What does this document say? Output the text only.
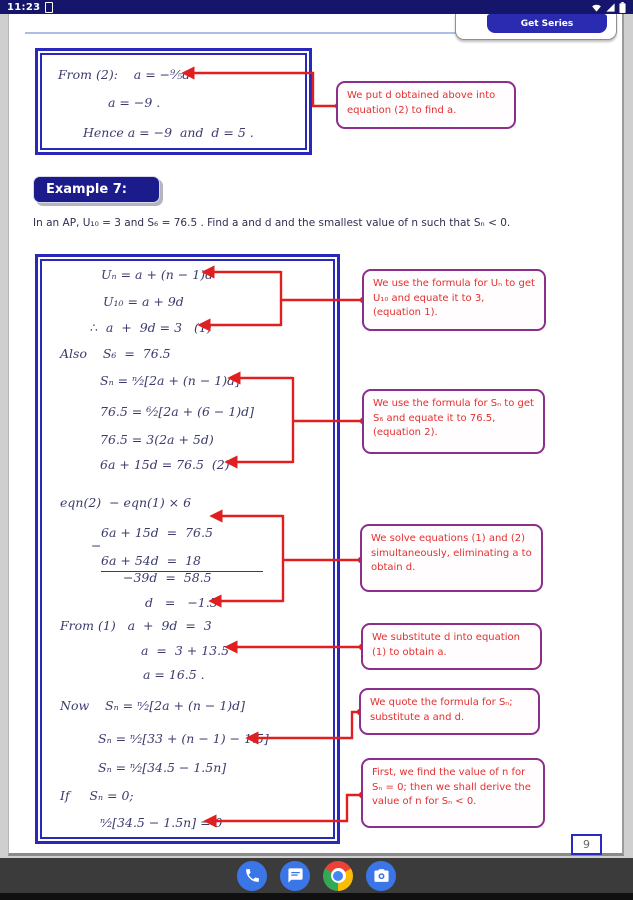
11:23
Get Series
From (2):    a = −⁹⁄₅d
a = −9 .
Hence a = −9  and  d = 5 .
Example 7:
In an AP, U₁₀ = 3 and S₆ = 76.5 . Find a and d and the smallest value of n such that Sₙ < 0.
Uₙ = a + (n − 1)d
U₁₀ = a + 9d
∴  a  +  9d = 3   (1)
Also    S₆  =  76.5
Sₙ = ⁿ⁄₂[2a + (n − 1)d]
76.5 = ⁶⁄₂[2a + (6 − 1)d]
76.5 = 3(2a + 5d)
6a + 15d = 76.5  (2)
eqn(2)  − eqn(1) × 6
6a + 15d  =  76.5
−
6a + 54d  =  18
−39d  =  58.5
d   =   −1.5
From (1)   a  +  9d  =  3
a  =  3 + 13.5
a = 16.5 .
Now    Sₙ = ⁿ⁄₂[2a + (n − 1)d]
Sₙ = ⁿ⁄₂[33 + (n − 1) − 1.5]
Sₙ = ⁿ⁄₂[34.5 − 1.5n]
If     Sₙ = 0;
ⁿ⁄₂[34.5 − 1.5n] = 0
We put d obtained above into equation (2) to find a.
We use the formula for Uₙ to get U₁₀ and equate it to 3, (equation 1).
We use the formula for Sₙ to get S₆ and equate it to 76.5, (equation 2).
We solve equations (1) and (2) simultaneously, eliminating a to obtain d.
We substitute d into equation (1) to obtain a.
We quote the formula for Sₙ; substitute a and d.
First, we find the value of n for Sₙ = 0; then we shall derive the value of n for Sₙ < 0.
9
